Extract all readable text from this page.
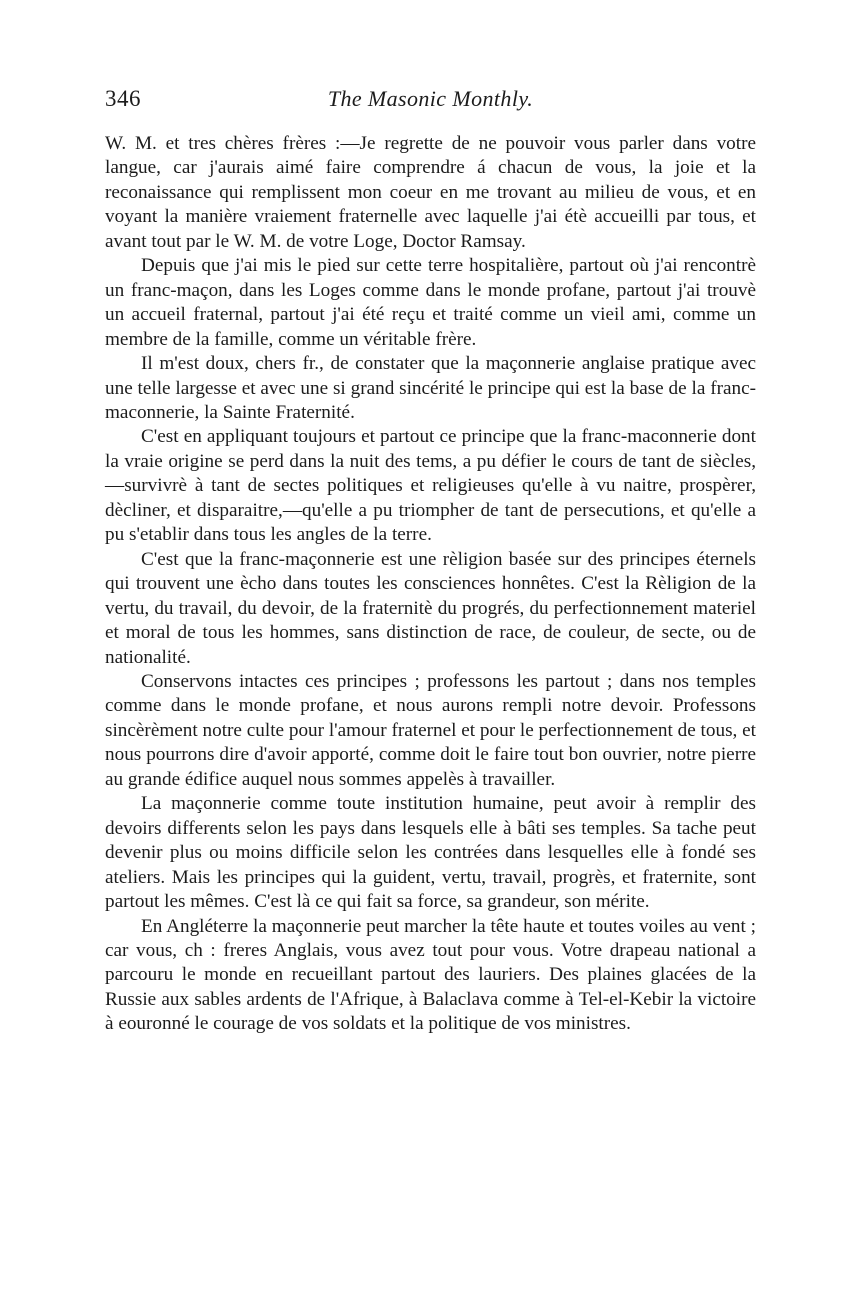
346	The Masonic Monthly.

W. M. et tres chères frères :—Je regrette de ne pouvoir vous parler dans votre langue, car j'aurais aimé faire comprendre á chacun de vous, la joie et la reconaissance qui remplissent mon coeur en me trovant au milieu de vous, et en voyant la manière vraiement fraternelle avec laquelle j'ai étè accueilli par tous, et avant tout par le W. M. de votre Loge, Doctor Ramsay.

Depuis que j'ai mis le pied sur cette terre hospitalière, partout où j'ai rencontrè un franc-maçon, dans les Loges comme dans le monde profane, partout j'ai trouvè un accueil fraternal, partout j'ai été reçu et traité comme un vieil ami, comme un membre de la famille, comme un véritable frère.

Il m'est doux, chers fr., de constater que la maçonnerie anglaise pratique avec une telle largesse et avec une si grand sincérité le principe qui est la base de la franc-maconnerie, la Sainte Fraternité.

C'est en appliquant toujours et partout ce principe que la franc-maconnerie dont la vraie origine se perd dans la nuit des tems, a pu défier le cours de tant de siècles,—survivrè à tant de sectes politiques et religieuses qu'elle à vu naitre, prospèrer, dècliner, et disparaitre,—qu'elle a pu triompher de tant de persecutions, et qu'elle a pu s'etablir dans tous les angles de la terre.

C'est que la franc-maçonnerie est une rèligion basée sur des principes éternels qui trouvent une ècho dans toutes les consciences honnêtes. C'est la Rèligion de la vertu, du travail, du devoir, de la fraternitè du progrés, du perfectionnement materiel et moral de tous les hommes, sans distinction de race, de couleur, de secte, ou de nationalité.

Conservons intactes ces principes ; professons les partout ; dans nos temples comme dans le monde profane, et nous aurons rempli notre devoir. Professons sincèrèment notre culte pour l'amour fraternel et pour le perfectionnement de tous, et nous pourrons dire d'avoir apporté, comme doit le faire tout bon ouvrier, notre pierre au grande édifice auquel nous sommes appelès à travailler.

La maçonnerie comme toute institution humaine, peut avoir à remplir des devoirs differents selon les pays dans lesquels elle à bâti ses temples. Sa tache peut devenir plus ou moins difficile selon les contrées dans lesquelles elle à fondé ses ateliers. Mais les principes qui la guident, vertu, travail, progrès, et fraternite, sont partout les mêmes. C'est là ce qui fait sa force, sa grandeur, son mérite.

En Angléterre la maçonnerie peut marcher la tête haute et toutes voiles au vent ; car vous, ch : freres Anglais, vous avez tout pour vous. Votre drapeau national a parcouru le monde en recueillant partout des lauriers. Des plaines glacées de la Russie aux sables ardents de l'Afrique, à Balaclava comme à Tel-el-Kebir la victoire à eouronné le courage de vos soldats et la politique de vos ministres.
